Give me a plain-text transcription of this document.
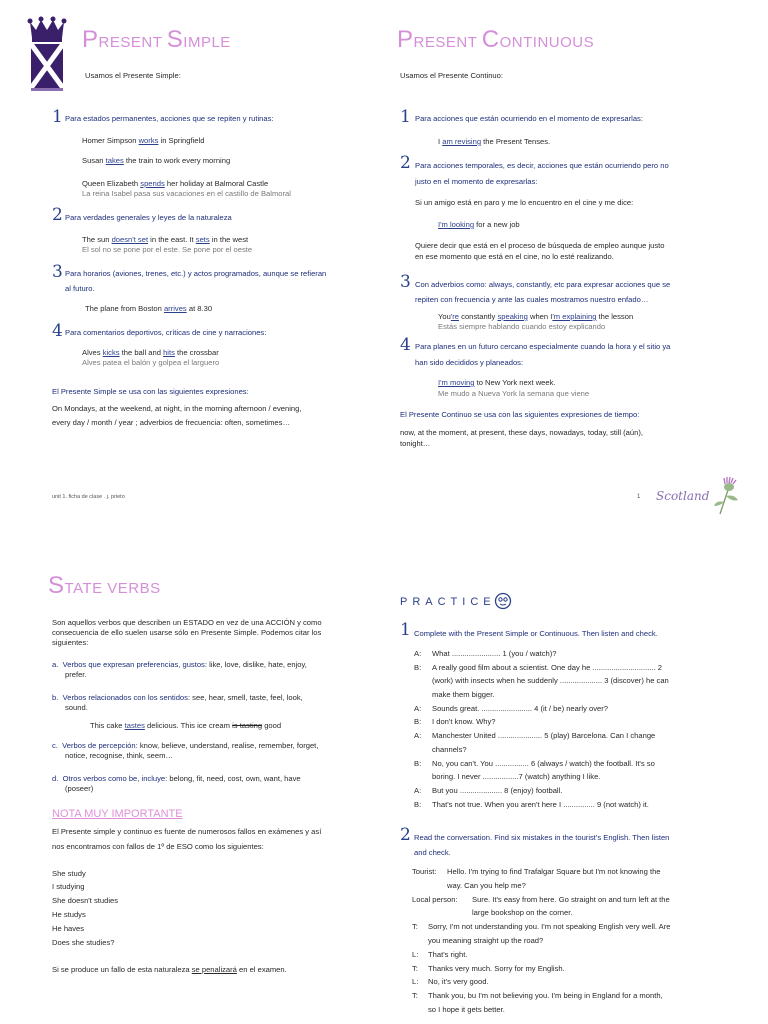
PRESENT SIMPLE
Usamos el Presente Simple:
1 Para estados permanentes, acciones que se repiten y rutinas:
Homer Simpson works in Springfield
Susan takes the train to work every morning
Queen Elizabeth spends her holiday at Balmoral Castle
La reina Isabel pasa sus vacaciones en el castillo de Balmoral
2 Para verdades generales y leyes de la naturaleza
The sun doesn't set in the east. It sets in the west
El sol no se pone por el este. Se pone por el oeste
3 Para horarios (aviones, trenes, etc.) y actos programados, aunque se refieran
al futuro.
The plane from Boston arrives at 8.30
4 Para comentarios deportivos, críticas de cine y narraciones:
Alves kicks the ball and hits the crossbar
Alves patea el balón y golpea el larguero
El Presente Simple se usa con las siguientes expresiones:
On Mondays, at the weekend, at night, in the morning afternoon / evening,
every day / month / year ; adverbios de frecuencia: often, sometimes…
PRESENT CONTINUOUS
Usamos el Presente Continuo:
1 Para acciones que están ocurriendo en el momento de expresarlas:
I am revising the Present Tenses.
2 Para acciones temporales, es decir, acciones que están ocurriendo pero no
justo en el momento de expresarlas:
Si un amigo está en paro y me lo encuentro en el cine y me dice:
I'm looking for a new job
Quiere decir que está en el proceso de búsqueda de empleo aunque justo
en ese momento que está en el cine, no lo esté realizando.
3 Con adverbios como: always, constantly, etc para expresar acciones que se
repiten con frecuencia y ante las cuales mostramos nuestro enfado…
You're constantly speaking when I'm explaining the lesson
Estás siempre hablando cuando estoy explicando
4 Para planes en un futuro cercano especialmente cuando la hora y el sitio ya
han sido decididos y planeados:
I'm moving to New York next week.
Me mudo a Nueva York la semana que viene
El Presente Continuo se usa con las siguientes expresiones de tiempo:
now, at the moment, at present, these days, nowadays, today, still (aún),
tonight…
unit 1. ficha de clase . j. prieto	1 Scotland
STATE VERBS
Son aquellos verbos que describen un ESTADO en vez de una ACCIÓN y como
consecuencia de ello suelen usarse sólo en Presente Simple. Podemos citar los
siguientes:
a. Verbos que expresan preferencias, gustos: like, love, dislike, hate, enjoy,
prefer.
b. Verbos relacionados con los sentidos: see, hear, smell, taste, feel, look,
sound.
This cake tastes delicious. This ice cream is tasting good
c. Verbos de percepción: know, believe, understand, realise, remember, forget,
notice, recognise, think, seem…
d. Otros verbos como be, incluye: belong, fit, need, cost, own, want, have
(poseer)
NOTA MUY IMPORTANTE
El Presente simple y continuo es fuente de numerosos fallos en exámenes y así
nos encontramos con fallos de 1º de ESO como los siguientes:
She study
I studying
She doesn't studies
He studys
He haves
Does she studies?
Si se produce un fallo de esta naturaleza se penalizará en el examen.
PRACTICE
1 Complete with the Present Simple or Continuous. Then listen and check.
A:	What ....................... 1 (you / watch)?
B:	A really good film about a scientist. One day he .............................. 2
(work) with insects when he suddenly .................... 3 (discover) he can
make them bigger.
A:	Sounds great. ........................ 4 (it / be) nearly over?
B:	I don't know. Why?
A:	Manchester United ..................... 5 (play) Barcelona. Can I change
channels?
B:	No, you can't. You ................ 6 (always / watch) the football. It's so
boring. I never .................7 (watch) anything I like.
A:	But you .................... 8 (enjoy) football.
B:	That's not true. When you aren't here I ............... 9 (not watch) it.
2 Read the conversation. Find six mistakes in the tourist's English. Then listen
and check.
Tourist:	Hello. I'm trying to find Trafalgar Square but I'm not knowing the
way. Can you help me?
Local person:	Sure. It's easy from here. Go straight on and turn left at the
large bookshop on the corner.
T:	Sorry, I'm not understanding you. I'm not speaking English very well. Are
you meaning straight up the road?
L:	That's right.
T:	Thanks very much. Sorry for my English.
L:	No, it's very good.
T:	Thank you, bu I'm not believing you. I'm being in England for a month,
so I hope it gets better.
